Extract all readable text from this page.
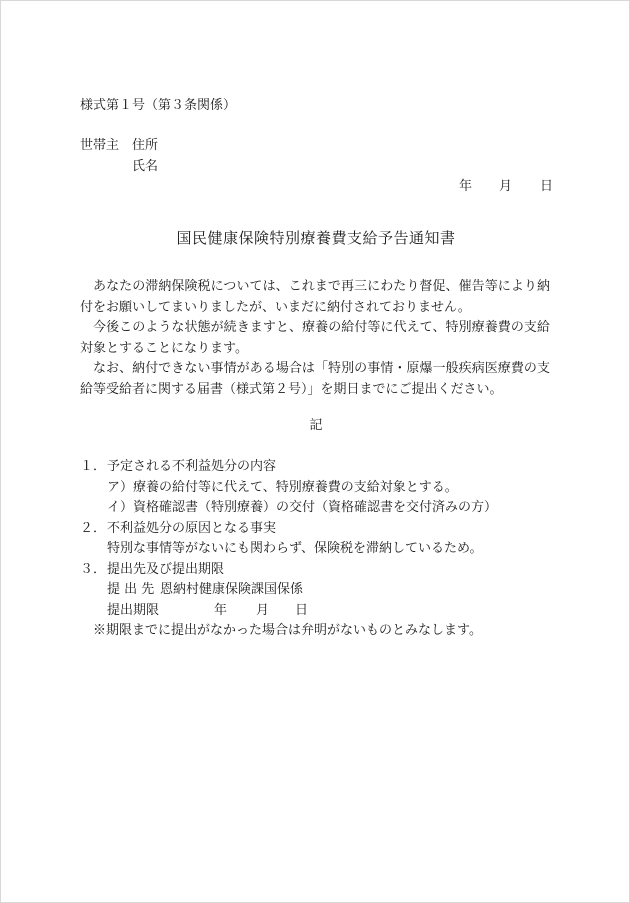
様式第１号（第３条関係）
世帯主 住所
氏名
年 月 日
国民健康保険特別療養費支給予告通知書

あなたの滞納保険税については、これまで再三にわたり督促、催告等により納付をお願いしてまいりましたが、いまだに納付されておりません。

今後このような状態が続きますと、療養の給付等に代えて、特別療養費の支給対象とすることになります。

なお、納付できない事情がある場合は「特別の事情・原爆一般疾病医療費の支給等受給者に関する届書（様式第２号）」を期日までにご提出ください。

記
１． 予定される不利益処分の内容
ア）療養の給付等に代えて、特別療養費の支給対象とする。
イ）資格確認書（特別療養）の交付（資格確認書を交付済みの方）
２． 不利益処分の原因となる事実
特別な事情等がないにも関わらず、保険税を滞納しているため。
３． 提出先及び提出期限
提 出 先 恩納村健康保険課国保係
提出期限	年 月 日
※期限までに提出がなかった場合は弁明がないものとみなします。
